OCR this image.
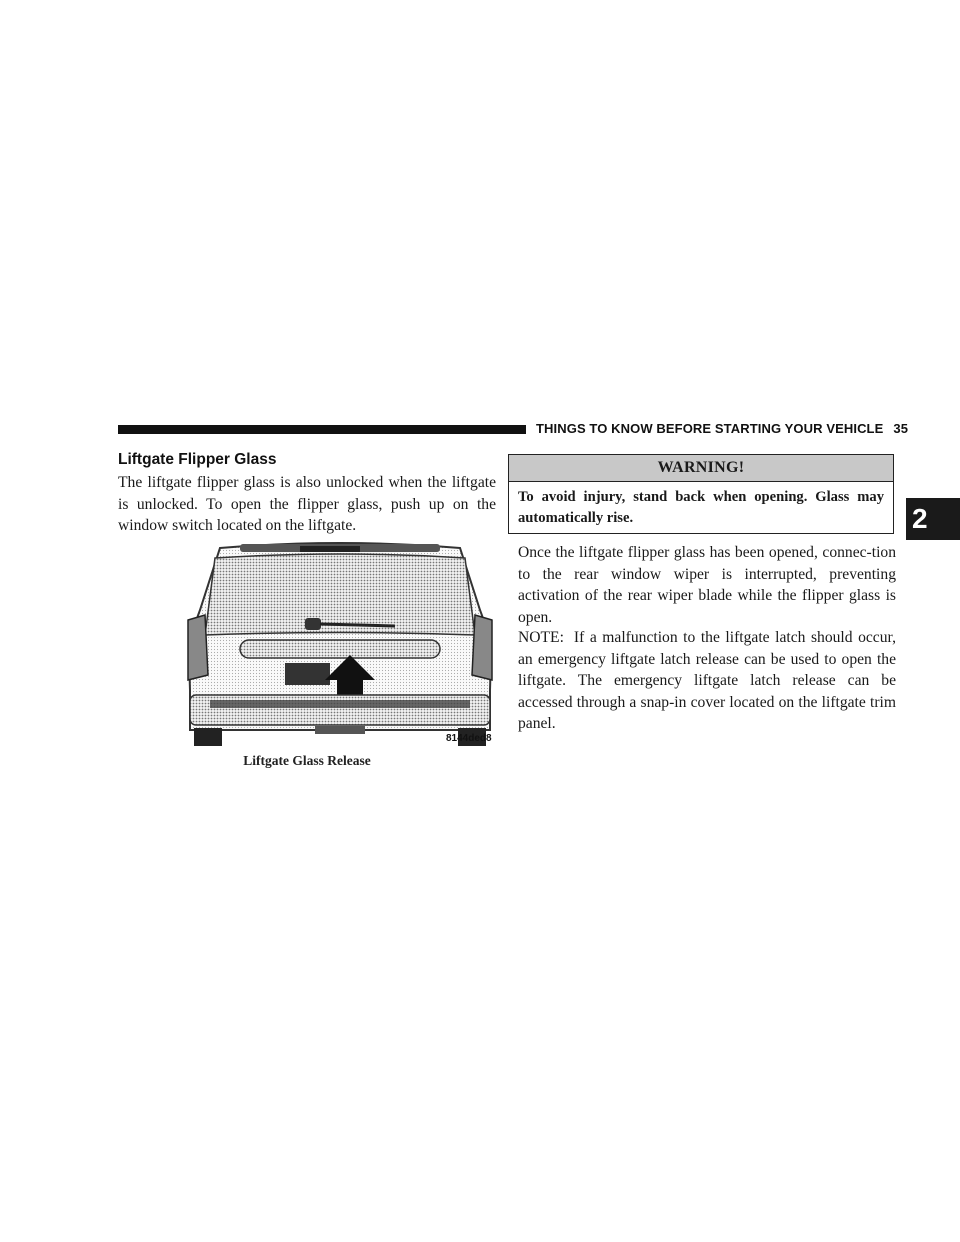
THINGS TO KNOW BEFORE STARTING YOUR VEHICLE 35
2
Liftgate Flipper Glass

The liftgate flipper glass is also unlocked when the liftgate is unlocked. To open the flipper glass, push up on the window switch located on the liftgate.

8144ded8
Liftgate Glass Release
WARNING!
To avoid injury, stand back when opening. Glass may automatically rise.

Once the liftgate flipper glass has been opened, connec-tion to the rear window wiper is interrupted, preventing activation of the rear wiper blade while the flipper glass is open.

NOTE: If a malfunction to the liftgate latch should occur, an emergency liftgate latch release can be used to open the liftgate. The emergency liftgate latch release can be accessed through a snap-in cover located on the liftgate trim panel.
